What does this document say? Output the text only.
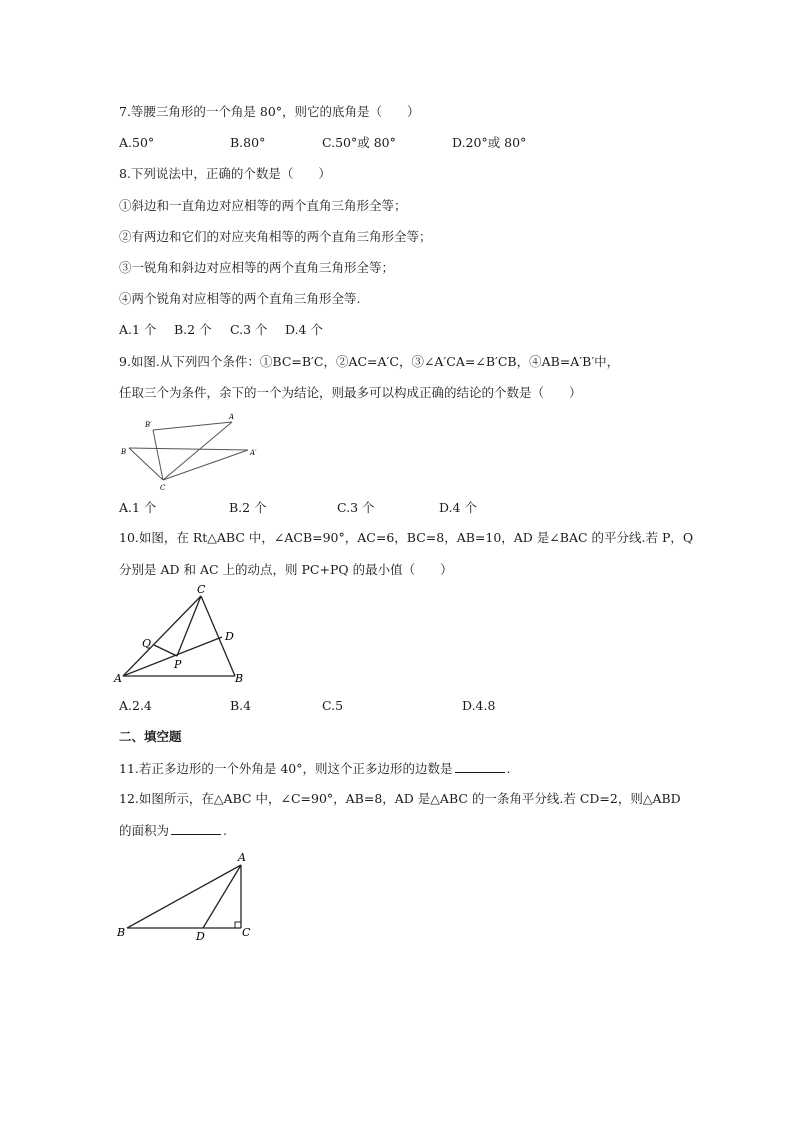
7.等腰三角形的一个角是 80°，则它的底角是（　　）
A.50°	B.80°	C.50°或 80°	D.20°或 80°
8.下列说法中，正确的个数是（　　）
①斜边和一直角边对应相等的两个直角三角形全等；
②有两边和它们的对应夹角相等的两个直角三角形全等；
③一锐角和斜边对应相等的两个直角三角形全等；
④两个锐角对应相等的两个直角三角形全等.
A.1 个 B.2 个 C.3 个 D.4 个
9.如图.从下列四个条件：①BC=B′C，②AC=A′C，③∠A′CA=∠B′CB，④AB=A′B′中，
任取三个为条件，余下的一个为结论，则最多可以构成正确的结论的个数是（　　）
A
B′
B	A′
C
A.1 个	B.2 个	C.3 个	D.4 个
10.如图，在 Rt△ABC 中，∠ACB=90°，AC=6，BC=8，AB=10，AD 是∠BAC 的平分线.若 P，Q
分别是 AD 和 AC 上的动点，则 PC+PQ 的最小值（　　）
C
D
Q
P
A	B
A.2.4	B.4	C.5	D.4.8
二、填空题
11.若正多边形的一个外角是 40°，则这个正多边形的边数是	.
12.如图所示，在△ABC 中，∠C=90°，AB=8，AD 是△ABC 的一条角平分线.若 CD=2，则△ABD
的面积为	.
A
B	D	C
